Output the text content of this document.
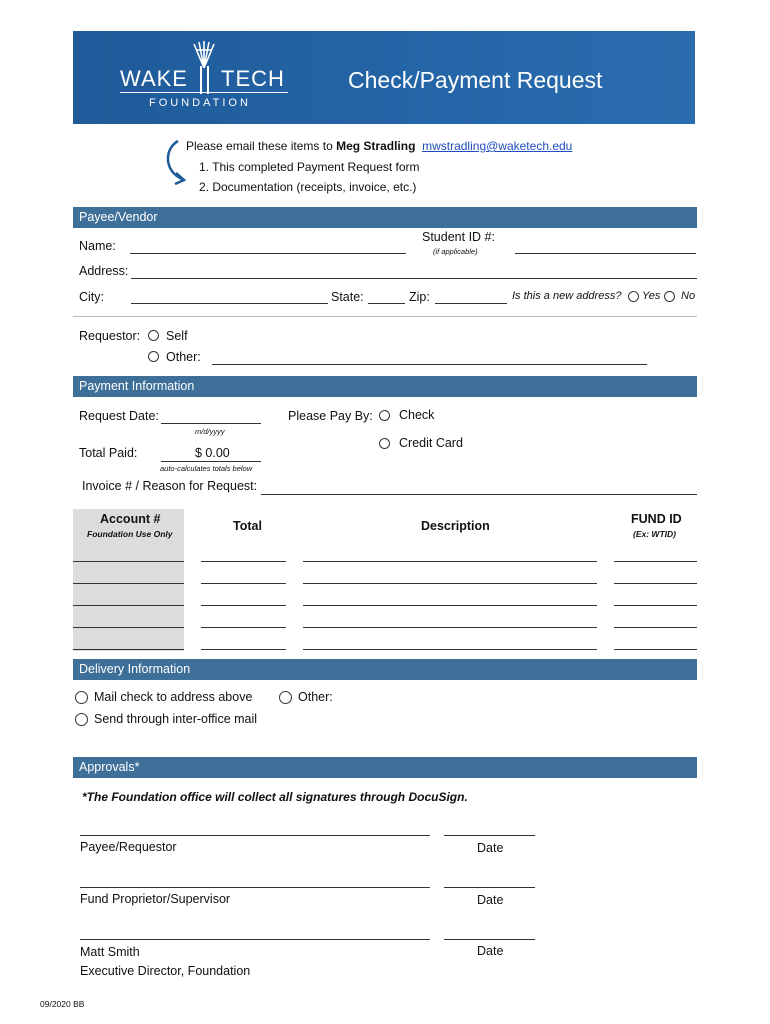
WAKE TECH
FOUNDATION
Check/Payment Request
Please email these items to Meg Stradling mwstradling@waketech.edu
1. This completed Payment Request form
2. Documentation (receipts, invoice, etc.)
Payee/Vendor
Name:
Student ID #:
(if applicable)
Address:
City:	State:	Zip:	Is this a new address? Yes No
Requestor: Self
Other:
Payment Information
Request Date:
m/d/yyyy
Please Pay By: Check
Credit Card
Total Paid:	$ 0.00
auto-calculates totals below
Invoice # / Reason for Request:
Account #
Foundation Use Only
Total	Description	FUND ID
(Ex: WTID)
Delivery Information
Mail check to address above	Other:
Send through inter-office mail
Approvals*
*The Foundation office will collect all signatures through DocuSign.
Payee/Requestor	Date
Fund Proprietor/Supervisor	Date
Matt Smith	Date
Executive Director, Foundation
09/2020 BB
